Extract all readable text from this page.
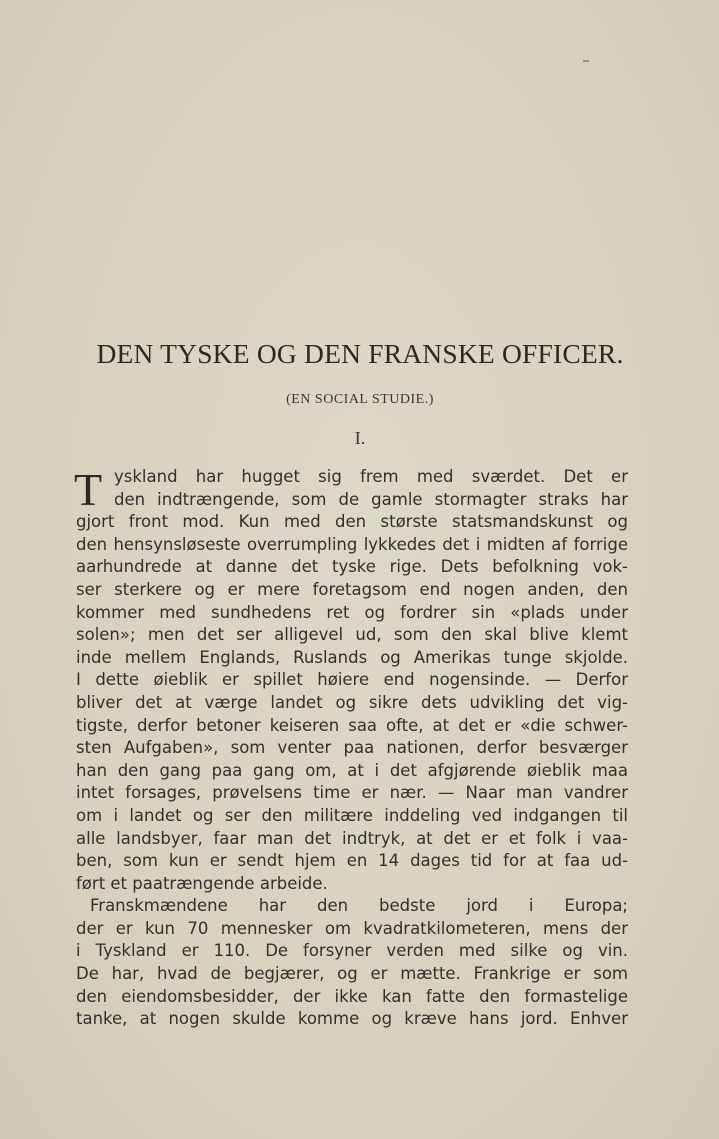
DEN TYSKE OG DEN FRANSKE OFFICER.
(EN SOCIAL STUDIE.)
I.
T yskland har hugget sig frem med sværdet. Det er
den indtrængende, som de gamle stormagter straks har
gjort front mod. Kun med den største statsmandskunst og
den hensynsløseste overrumpling lykkedes det i midten af forrige
aarhundrede at danne det tyske rige. Dets befolkning vok-
ser sterkere og er mere foretagsom end nogen anden, den
kommer med sundhedens ret og fordrer sin «plads under
solen»; men det ser alligevel ud, som den skal blive klemt
inde mellem Englands, Ruslands og Amerikas tunge skjolde.
I dette øieblik er spillet høiere end nogensinde. — Derfor
bliver det at værge landet og sikre dets udvikling det vig-
tigste, derfor betoner keiseren saa ofte, at det er «die schwer-
sten Aufgaben», som venter paa nationen, derfor besværger
han den gang paa gang om, at i det afgjørende øieblik maa
intet forsages, prøvelsens time er nær. — Naar man vandrer
om i landet og ser den militære inddeling ved indgangen til
alle landsbyer, faar man det indtryk, at det er et folk i vaa-
ben, som kun er sendt hjem en 14 dages tid for at faa ud-
ført et paatrængende arbeide.
Franskmændene har den bedste jord i Europa;
der er kun 70 mennesker om kvadratkilometeren, mens der
i Tyskland er 110. De forsyner verden med silke og vin.
De har, hvad de begjærer, og er mætte. Frankrige er som
den eiendomsbesidder, der ikke kan fatte den formastelige
tanke, at nogen skulde komme og kræve hans jord. Enhver
